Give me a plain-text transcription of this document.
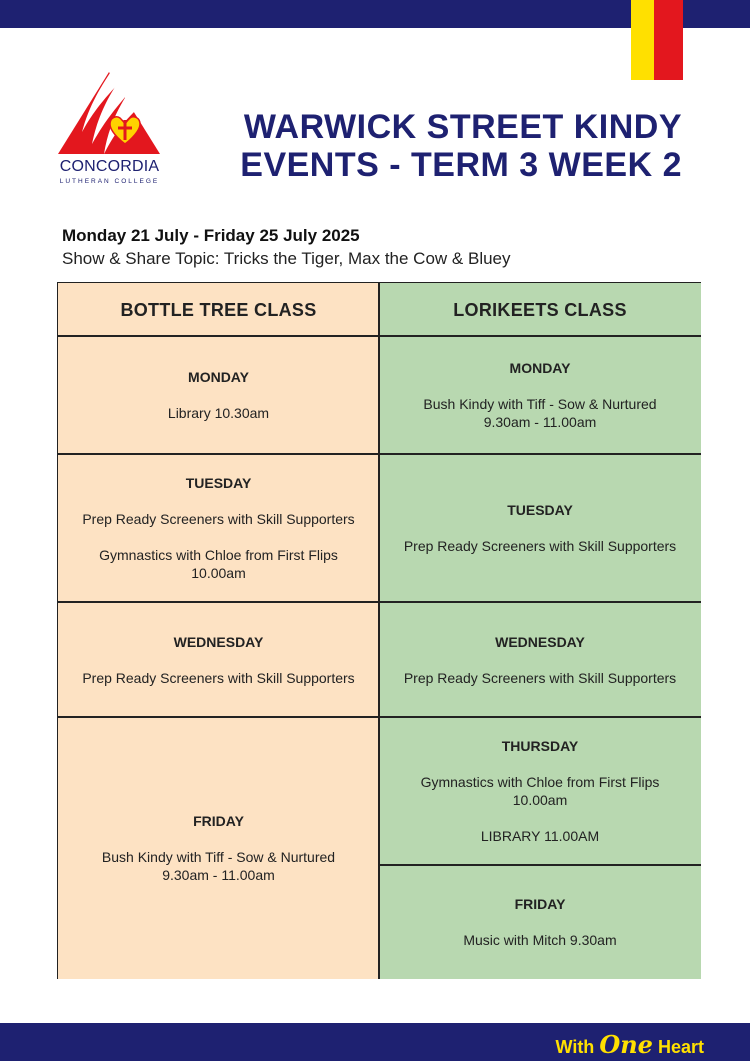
CONCORDIA
LUTHERAN COLLEGE
WARWICK STREET KINDY
EVENTS - TERM 3 WEEK 2
Monday 21 July - Friday 25 July 2025
Show & Share Topic: Tricks the Tiger, Max the Cow & Bluey
BOTTLE TREE CLASS	LORIKEETS CLASS
MONDAY
Library 10.30am
MONDAY
Bush Kindy with Tiff - Sow & Nurtured
9.30am - 11.00am
TUESDAY
Prep Ready Screeners with Skill Supporters
Gymnastics with Chloe from First Flips
10.00am
TUESDAY
Prep Ready Screeners with Skill Supporters
WEDNESDAY
Prep Ready Screeners with Skill Supporters
WEDNESDAY
Prep Ready Screeners with Skill Supporters
FRIDAY
Bush Kindy with Tiff - Sow & Nurtured
9.30am - 11.00am
THURSDAY
Gymnastics with Chloe from First Flips
10.00am
LIBRARY 11.00AM
FRIDAY
Music with Mitch 9.30am
With One Heart
